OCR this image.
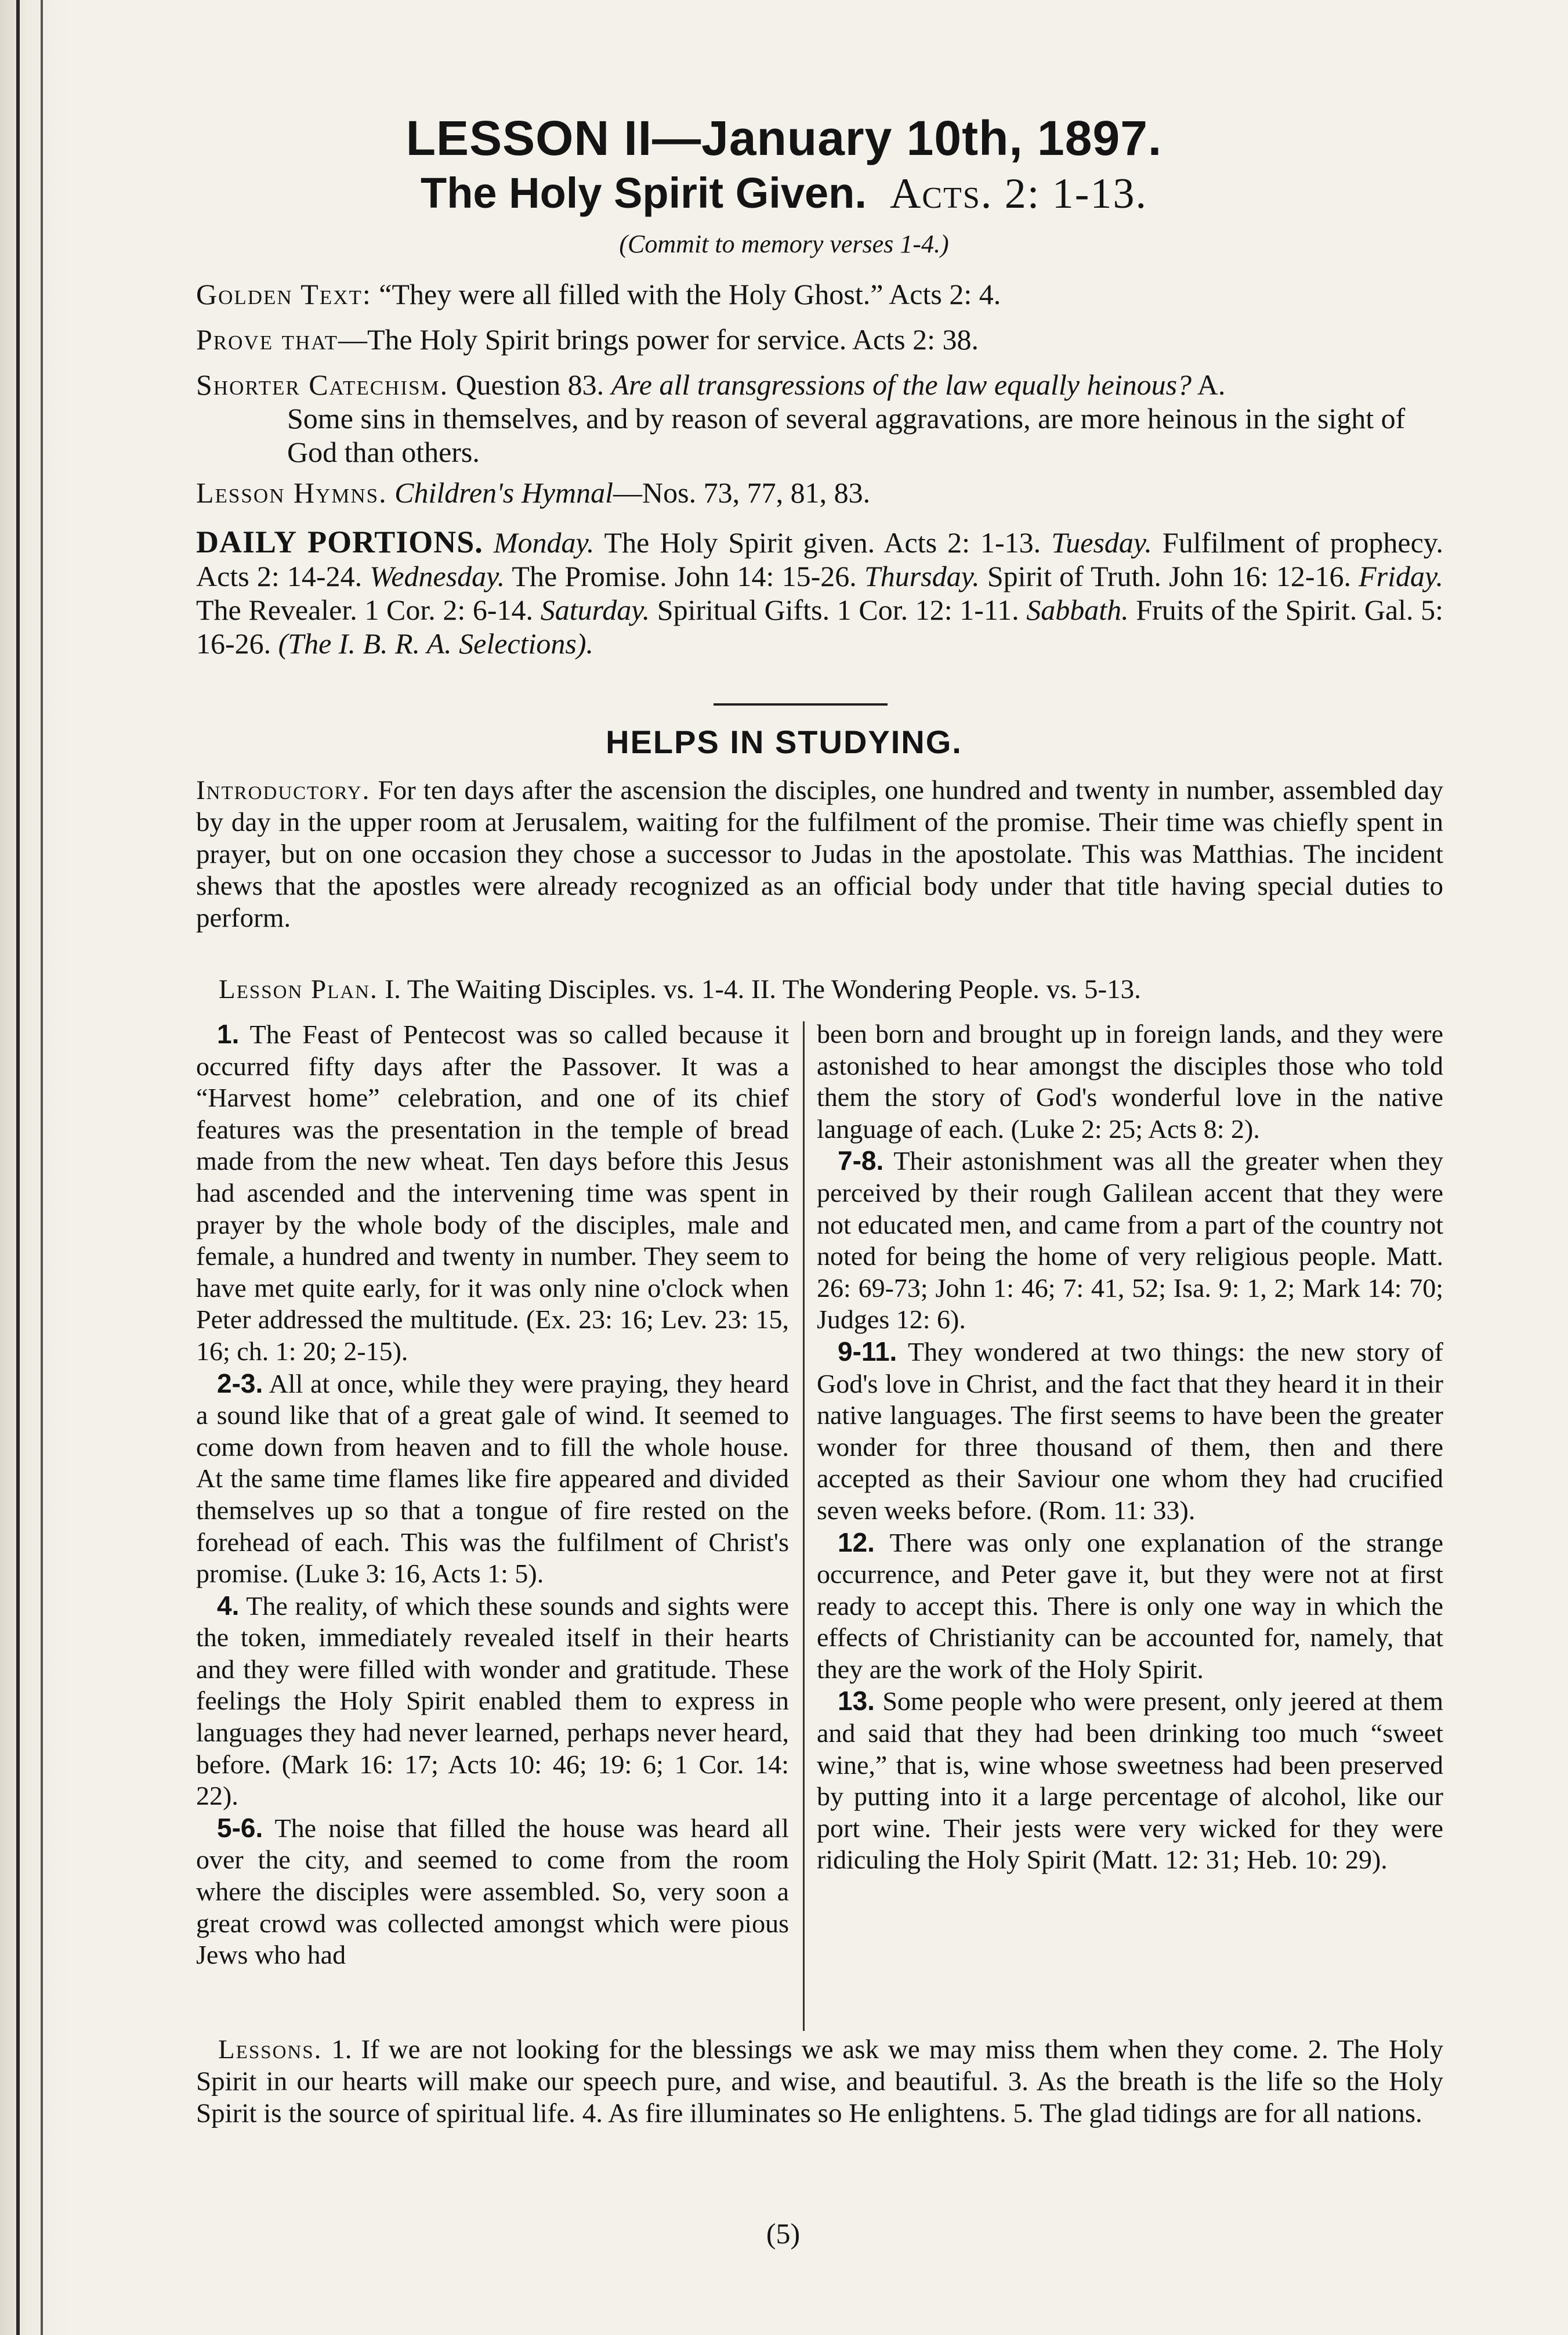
LESSON II—January 10th, 1897.
The Holy Spirit Given. Acts. 2: 1-13.
(Commit to memory verses 1-4.)
Golden Text: “They were all filled with the Holy Ghost.” Acts 2: 4.
Prove that—The Holy Spirit brings power for service. Acts 2: 38.
Shorter Catechism. Question 83. Are all transgressions of the law equally heinous? A.
Some sins in themselves, and by reason of several aggravations, are more heinous in the sight of God than others.
Lesson Hymns. Children's Hymnal—Nos. 73, 77, 81, 83.
DAILY PORTIONS. Monday. The Holy Spirit given. Acts 2: 1-13. Tuesday. Fulfilment of prophecy. Acts 2: 14-24. Wednesday. The Promise. John 14: 15-26. Thursday. Spirit of Truth. John 16: 12-16. Friday. The Revealer. 1 Cor. 2: 6-14. Saturday. Spiritual Gifts. 1 Cor. 12: 1-11. Sabbath. Fruits of the Spirit. Gal. 5: 16-26. (The I. B. R. A. Selections).
HELPS IN STUDYING.
Introductory. For ten days after the ascension the disciples, one hundred and twenty in number, assembled day by day in the upper room at Jerusalem, waiting for the fulfilment of the promise. Their time was chiefly spent in prayer, but on one occasion they chose a successor to Judas in the apostolate. This was Matthias. The incident shews that the apostles were already recognized as an official body under that title having special duties to perform.
Lesson Plan. I. The Waiting Disciples. vs. 1-4. II. The Wondering People. vs. 5-13.

1. The Feast of Pentecost was so called because it occurred fifty days after the Passover. It was a “Harvest home” celebration, and one of its chief features was the presentation in the temple of bread made from the new wheat. Ten days before this Jesus had ascended and the intervening time was spent in prayer by the whole body of the disciples, male and female, a hundred and twenty in number. They seem to have met quite early, for it was only nine o'clock when Peter addressed the multitude. (Ex. 23: 16; Lev. 23: 15, 16; ch. 1: 20; 2-15).

2-3. All at once, while they were praying, they heard a sound like that of a great gale of wind. It seemed to come down from heaven and to fill the whole house. At the same time flames like fire appeared and divided themselves up so that a tongue of fire rested on the forehead of each. This was the fulfilment of Christ's promise. (Luke 3: 16, Acts 1: 5).

4. The reality, of which these sounds and sights were the token, immediately revealed itself in their hearts and they were filled with wonder and gratitude. These feelings the Holy Spirit enabled them to express in languages they had never learned, perhaps never heard, before. (Mark 16: 17; Acts 10: 46; 19: 6; 1 Cor. 14: 22).

5-6. The noise that filled the house was heard all over the city, and seemed to come from the room where the disciples were assembled. So, very soon a great crowd was collected amongst which were pious Jews who had

been born and brought up in foreign lands, and they were astonished to hear amongst the disciples those who told them the story of God's wonderful love in the native language of each. (Luke 2: 25; Acts 8: 2).

7-8. Their astonishment was all the greater when they perceived by their rough Galilean accent that they were not educated men, and came from a part of the country not noted for being the home of very religious people. Matt. 26: 69-73; John 1: 46; 7: 41, 52; Isa. 9: 1, 2; Mark 14: 70; Judges 12: 6).

9-11. They wondered at two things: the new story of God's love in Christ, and the fact that they heard it in their native languages. The first seems to have been the greater wonder for three thousand of them, then and there accepted as their Saviour one whom they had crucified seven weeks before. (Rom. 11: 33).

12. There was only one explanation of the strange occurrence, and Peter gave it, but they were not at first ready to accept this. There is only one way in which the effects of Christianity can be accounted for, namely, that they are the work of the Holy Spirit.

13. Some people who were present, only jeered at them and said that they had been drinking too much “sweet wine,” that is, wine whose sweetness had been preserved by putting into it a large percentage of alcohol, like our port wine. Their jests were very wicked for they were ridiculing the Holy Spirit (Matt. 12: 31; Heb. 10: 29).

Lessons. 1. If we are not looking for the blessings we ask we may miss them when they come. 2. The Holy Spirit in our hearts will make our speech pure, and wise, and beautiful. 3. As the breath is the life so the Holy Spirit is the source of spiritual life. 4. As fire illuminates so He enlightens. 5. The glad tidings are for all nations.
(5)
